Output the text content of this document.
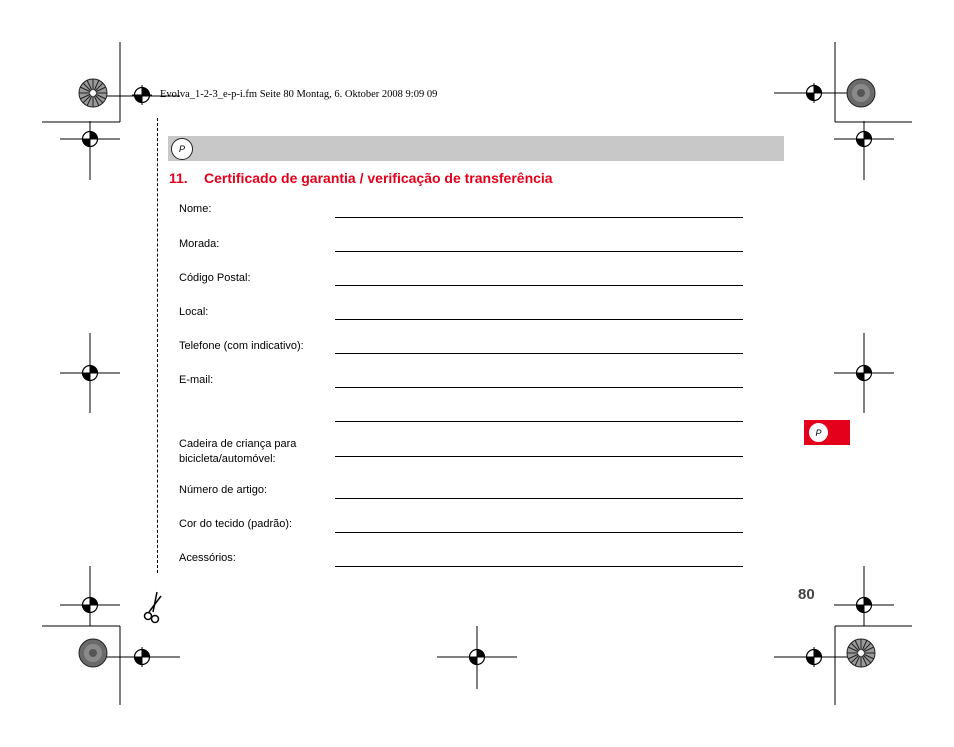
Evolva_1-2-3_e-p-i.fm Seite 80 Montag, 6. Oktober 2008 9:09 09
P
11. Certificado de garantia / verificação de transferência
Nome:
Morada:
Código Postal:
Local:
Telefone (com indicativo):
E-mail:
Cadeira de criança para
bicicleta/automóvel:
Número de artigo:
Cor do tecido (padrão):
Acessórios:
P
80
